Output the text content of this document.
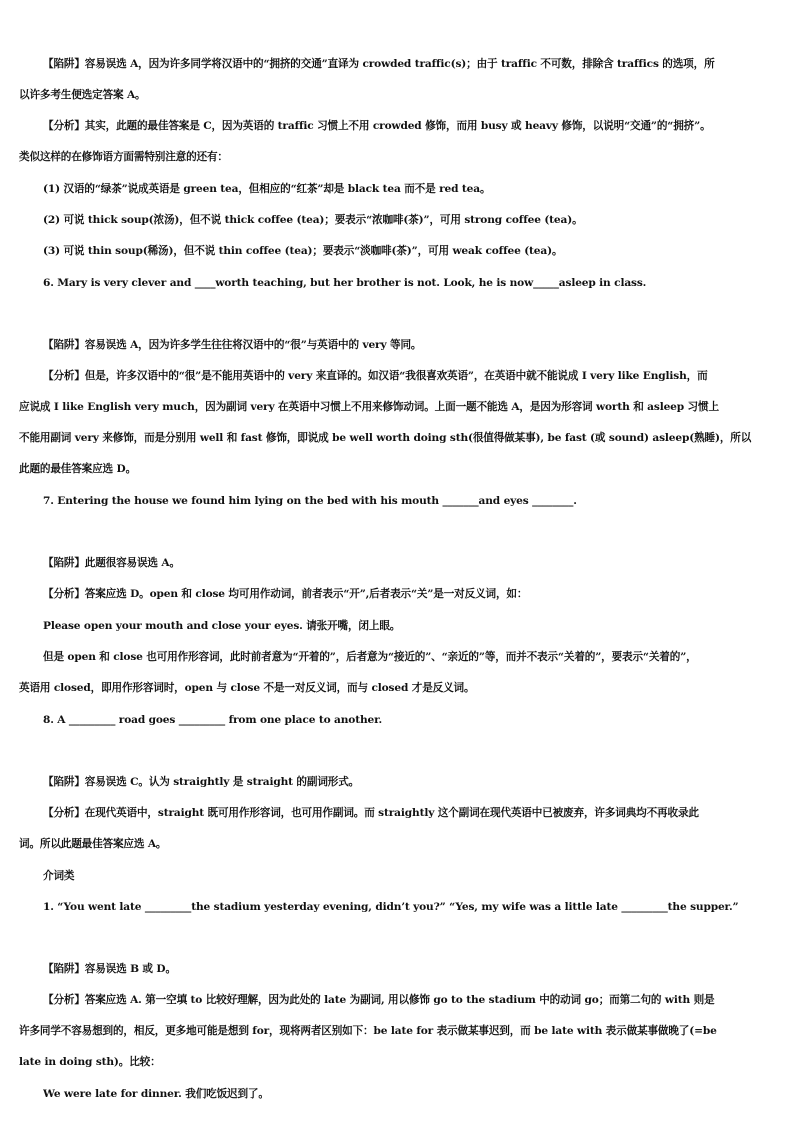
【陷阱】容易误选 A，因为许多同学将汉语中的“拥挤的交通”直译为 crowded traffic(s)；由于 traffic 不可数，排除含 traffics 的选项，所
以许多考生便选定答案 A。
【分析】其实，此题的最佳答案是 C，因为英语的 traffic 习惯上不用 crowded 修饰，而用 busy 或 heavy 修饰，以说明“交通”的“拥挤”。
类似这样的在修饰语方面需特别注意的还有：
(1) 汉语的“绿茶”说成英语是 green tea，但相应的“红茶”却是 black tea 而不是 red tea。
(2) 可说 thick soup(浓汤)，但不说 thick coffee (tea)；要表示“浓咖啡(茶)”，可用 strong coffee (tea)。
(3) 可说 thin soup(稀汤)，但不说 thin coffee (tea)；要表示“淡咖啡(茶)”，可用 weak coffee (tea)。
6. Mary is very clever and ____worth teaching, but her brother is not. Look, he is now_____asleep in class.
【陷阱】容易误选 A，因为许多学生往往将汉语中的“很”与英语中的 very 等同。
【分析】但是，许多汉语中的“很”是不能用英语中的 very 来直译的。如汉语“我很喜欢英语”，在英语中就不能说成 I very like English，而
应说成 I like English very much，因为副词 very 在英语中习惯上不用来修饰动词。上面一题不能选 A，是因为形容词 worth 和 asleep 习惯上
不能用副词 very 来修饰，而是分别用 well 和 fast 修饰，即说成 be well worth doing sth(很值得做某事), be fast (或 sound) asleep(熟睡)，所以
此题的最佳答案应选 D。
7. Entering the house we found him lying on the bed with his mouth _______and eyes ________.
【陷阱】此题很容易误选 A。
【分析】答案应选 D。open 和 close 均可用作动词，前者表示“开”,后者表示“关”是一对反义词，如：
Please open your mouth and close your eyes. 请张开嘴，闭上眼。
但是 open 和 close 也可用作形容词，此时前者意为“开着的”，后者意为“接近的”、“亲近的”等，而并不表示“关着的”，要表示“关着的”，
英语用 closed，即用作形容词时，open 与 close 不是一对反义词，而与 closed 才是反义词。
8. A _________ road goes _________ from one place to another.
【陷阱】容易误选 C。认为 straightly 是 straight 的副词形式。
【分析】在现代英语中，straight 既可用作形容词，也可用作副词。而 straightly 这个副词在现代英语中已被废弃，许多词典均不再收录此
词。所以此题最佳答案应选 A。
介词类
1. “You went late _________the stadium yesterday evening, didn’t you?” “Yes, my wife was a little late _________the supper.”
【陷阱】容易误选 B 或 D。
【分析】答案应选 A. 第一空填 to 比较好理解，因为此处的 late 为副词, 用以修饰 go to the stadium 中的动词 go；而第二句的 with 则是
许多同学不容易想到的，相反，更多地可能是想到 for，现将两者区别如下：be late for 表示做某事迟到，而 be late with 表示做某事做晚了(=be
late in doing sth)。比较：
We were late for dinner. 我们吃饭迟到了。
